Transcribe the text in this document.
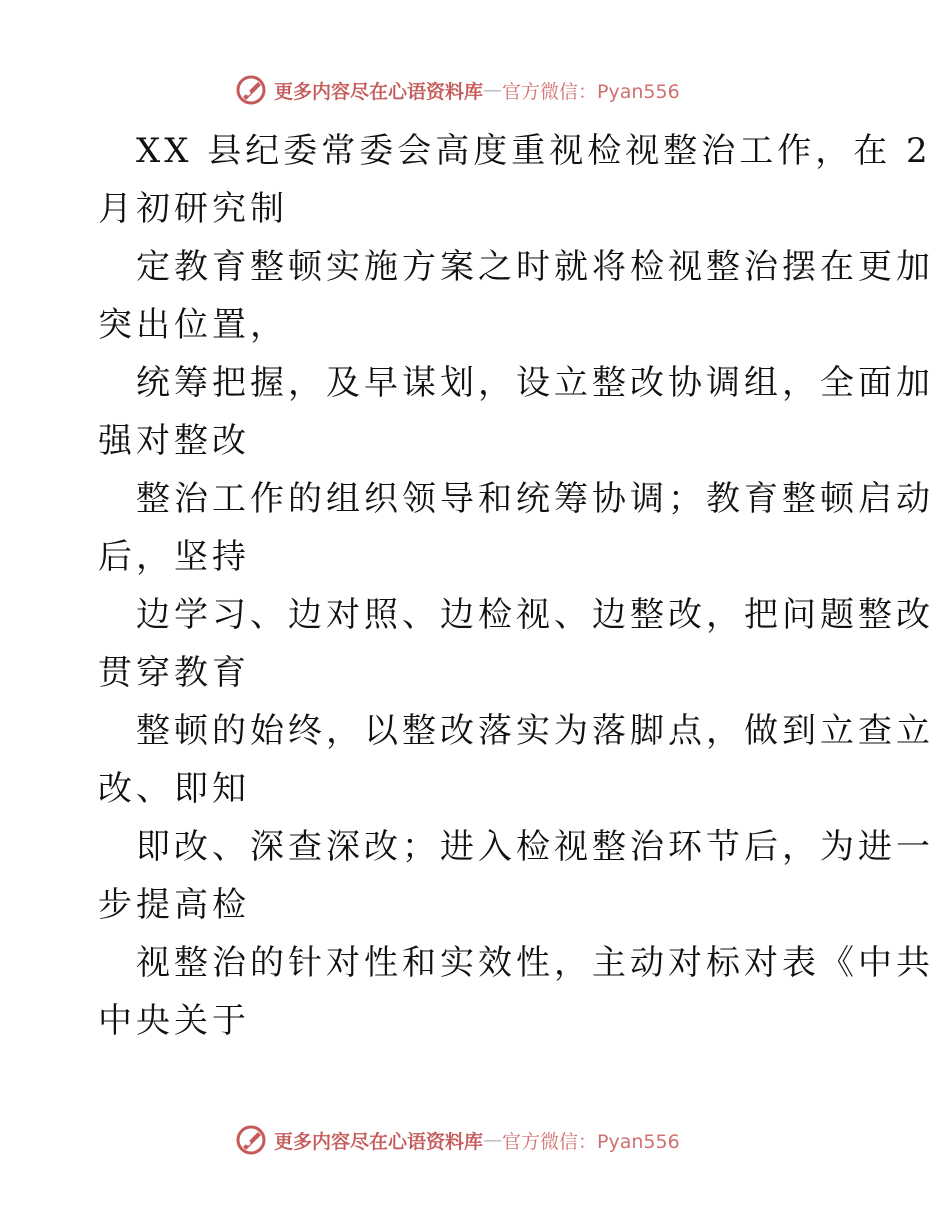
更多内容尽在心语资料库 — 官方微信：Pyan556
XX 县纪委常委会高度重视检视整治工作，在 2
月初研究制
定教育整顿实施方案之时就将检视整治摆在更加
突出位置，
统筹把握，及早谋划，设立整改协调组，全面加
强对整改
整治工作的组织领导和统筹协调；教育整顿启动
后，坚持
边学习、边对照、边检视、边整改，把问题整改
贯穿教育
整顿的始终，以整改落实为落脚点，做到立查立
改、即知
即改、深查深改；进入检视整治环节后，为进一
步提高检
视整治的针对性和实效性，主动对标对表《中共
中央关于
更多内容尽在心语资料库 — 官方微信：Pyan556
